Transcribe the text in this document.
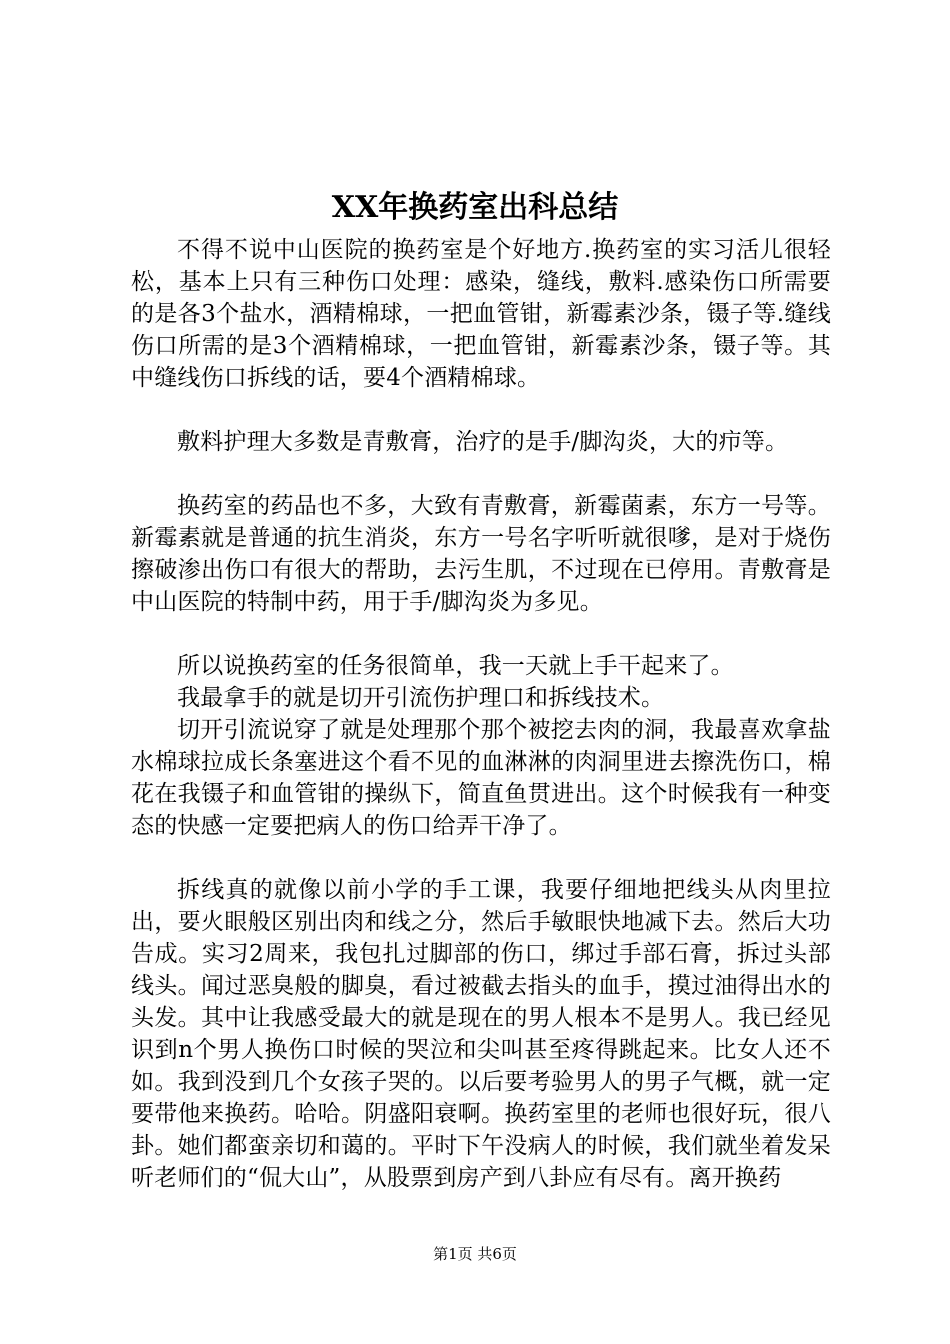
XX年换药室出科总结

不得不说中山医院的换药室是个好地方.换药室的实习活儿很轻松，基本上只有三种伤口处理：感染，缝线，敷料.感染伤口所需要的是各3个盐水，酒精棉球，一把血管钳，新霉素沙条，镊子等.缝线伤口所需的是3个酒精棉球，一把血管钳，新霉素沙条，镊子等。其中缝线伤口拆线的话，要4个酒精棉球。

敷料护理大多数是青敷膏，治疗的是手/脚沟炎，大的疖等。

换药室的药品也不多，大致有青敷膏，新霉菌素，东方一号等。新霉素就是普通的抗生消炎，东方一号名字听听就很嗲，是对于烧伤擦破渗出伤口有很大的帮助，去污生肌，不过现在已停用。青敷膏是中山医院的特制中药，用于手/脚沟炎为多见。

所以说换药室的任务很简单，我一天就上手干起来了。

我最拿手的就是切开引流伤护理口和拆线技术。

切开引流说穿了就是处理那个那个被挖去肉的洞，我最喜欢拿盐水棉球拉成长条塞进这个看不见的血淋淋的肉洞里进去擦洗伤口，棉花在我镊子和血管钳的操纵下，简直鱼贯进出。这个时候我有一种变态的快感一定要把病人的伤口给弄干净了。

拆线真的就像以前小学的手工课，我要仔细地把线头从肉里拉出，要火眼般区别出肉和线之分，然后手敏眼快地减下去。然后大功告成。实习2周来，我包扎过脚部的伤口，绑过手部石膏，拆过头部线头。闻过恶臭般的脚臭，看过被截去指头的血手，摸过油得出水的头发。其中让我感受最大的就是现在的男人根本不是男人。我已经见识到n个男人换伤口时候的哭泣和尖叫甚至疼得跳起来。比女人还不如。我到没到几个女孩子哭的。以后要考验男人的男子气概，就一定要带他来换药。哈哈。阴盛阳衰啊。换药室里的老师也很好玩，很八卦。她们都蛮亲切和蔼的。平时下午没病人的时候，我们就坐着发呆听老师们的“侃大山”，从股票到房产到八卦应有尽有。离开换药

第1页 共6页
